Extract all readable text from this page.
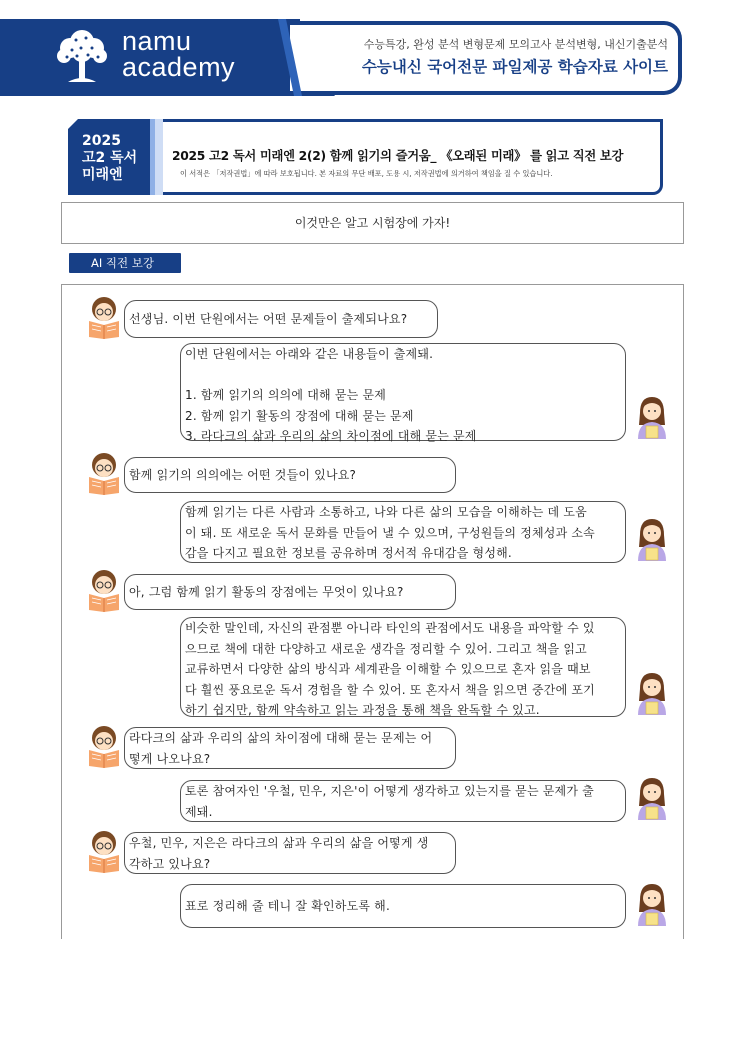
namu
academy
수능특강, 완성 분석 변형문제 모의고사 분석변형, 내신기출분석
수능내신 국어전문 파일제공 학습자료 사이트
2025
고2 독서
미래엔
2025 고2 독서 미래엔 2(2) 함께 읽기의 즐거움_ 《오래된 미래》 를 읽고 직전 보강
이 서적은 「저작권법」에 따라 보호됩니다. 본 자료의 무단 배포, 도용 시, 저작권법에 의거하여 책임을 질 수 있습니다.
이것만은 알고 시험장에 가자!
AI 직전 보강
선생님. 이번 단원에서는 어떤 문제들이 출제되나요?
이번 단원에서는 아래와 같은 내용들이 출제돼.

1. 함께 읽기의 의의에 대해 묻는 문제
2. 함께 읽기 활동의 장점에 대해 묻는 문제
3. 라다크의 삶과 우리의 삶의 차이점에 대해 묻는 문제
함께 읽기의 의의에는 어떤 것들이 있나요?
함께 읽기는 다른 사람과 소통하고, 나와 다른 삶의 모습을 이해하는 데 도움
이 돼. 또 새로운 독서 문화를 만들어 낼 수 있으며, 구성원들의 정체성과 소속
감을 다지고 필요한 정보를 공유하며 정서적 유대감을 형성해.
아, 그럼 함께 읽기 활동의 장점에는 무엇이 있나요?
비슷한 말인데, 자신의 관점뿐 아니라 타인의 관점에서도 내용을 파악할 수 있
으므로 책에 대한 다양하고 새로운 생각을 정리할 수 있어. 그리고 책을 읽고
교류하면서 다양한 삶의 방식과 세계관을 이해할 수 있으므로 혼자 읽을 때보
다 훨씬 풍요로운 독서 경험을 할 수 있어. 또 혼자서 책을 읽으면 중간에 포기
하기 쉽지만, 함께 약속하고 읽는 과정을 통해 책을 완독할 수 있고.
라다크의 삶과 우리의 삶의 차이점에 대해 묻는 문제는 어
떻게 나오나요?
토론 참여자인 '우철, 민우, 지은'이 어떻게 생각하고 있는지를 묻는 문제가 출
제돼.
우철, 민우, 지은은 라다크의 삶과 우리의 삶을 어떻게 생
각하고 있나요?
표로 정리해 줄 테니 잘 확인하도록 해.
